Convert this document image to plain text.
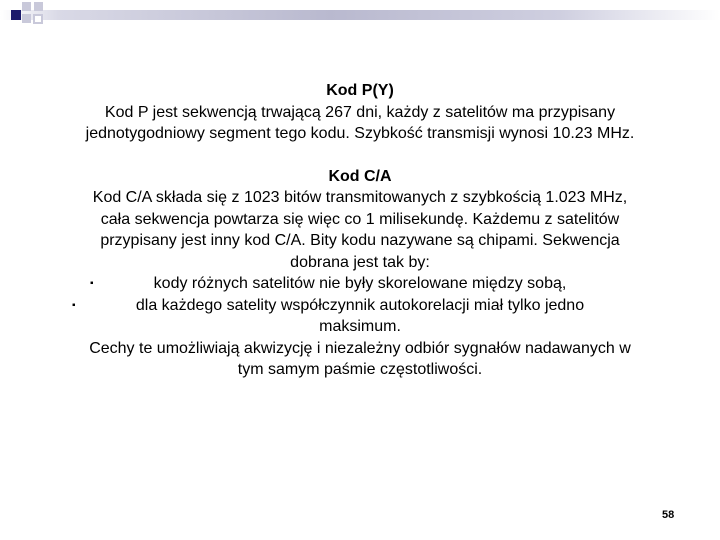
Kod P(Y)

Kod P jest sekwencją trwającą 267 dni, każdy z satelitów ma przypisany

jednotygodniowy segment tego kodu. Szybkość transmisji wynosi 10.23 MHz.

Kod C/A

Kod C/A składa się z 1023 bitów transmitowanych z szybkością 1.023 MHz,

cała sekwencja powtarza się więc co 1 milisekundę. Każdemu z satelitów

przypisany jest inny kod C/A. Bity kodu nazywane są chipami. Sekwencja

dobrana jest tak by:

▪	kody różnych satelitów nie były skorelowane między sobą,

▪	dla każdego satelity współczynnik autokorelacji miał tylko jedno

maksimum.

Cechy te umożliwiają akwizycję i niezależny odbiór sygnałów nadawanych w

tym samym paśmie częstotliwości.

58
